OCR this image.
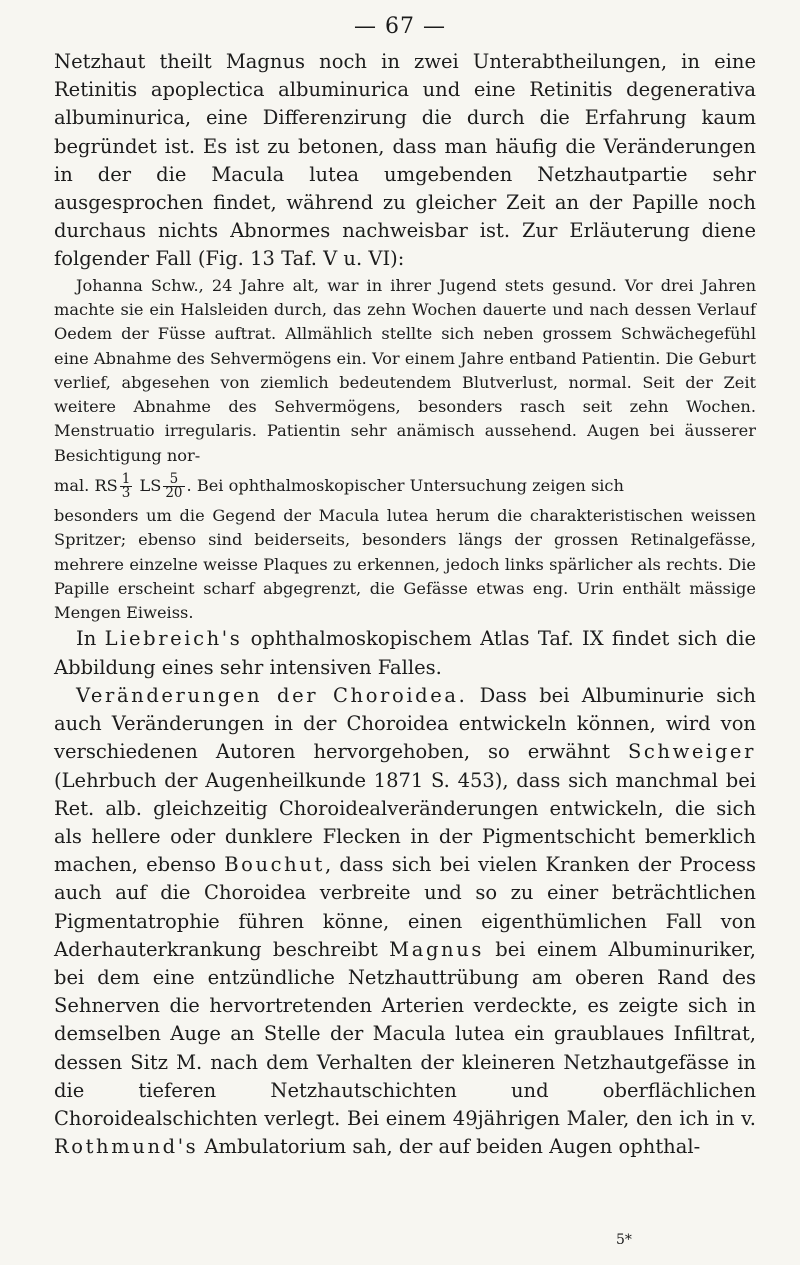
— 67 —

Netzhaut theilt Magnus noch in zwei Unterabtheilungen, in eine Retinitis apoplectica albuminurica und eine Retinitis degenerativa albuminurica, eine Differenzirung die durch die Erfahrung kaum begründet ist. Es ist zu betonen, dass man häufig die Veränderungen in der die Macula lutea umgebenden Netzhautpartie sehr ausgesprochen findet, während zu gleicher Zeit an der Papille noch durchaus nichts Abnormes nachweisbar ist. Zur Erläuterung diene folgender Fall (Fig. 13 Taf. V u. VI):

Johanna Schw., 24 Jahre alt, war in ihrer Jugend stets gesund. Vor drei Jahren machte sie ein Halsleiden durch, das zehn Wochen dauerte und nach dessen Verlauf Oedem der Füsse auftrat. Allmählich stellte sich neben grossem Schwächegefühl eine Abnahme des Sehvermögens ein. Vor einem Jahre entband Patientin. Die Geburt verlief, abgesehen von ziemlich bedeutendem Blutverlust, normal. Seit der Zeit weitere Abnahme des Sehvermögens, besonders rasch seit zehn Wochen. Menstruatio irregularis. Patientin sehr anämisch aussehend. Augen bei äusserer Besichtigung nor-

mal. RS $\frac{1}{3}$ LS $\frac{5}{20}$ . Bei ophthalmoskopischer Untersuchung zeigen sich

besonders um die Gegend der Macula lutea herum die charakteristischen weissen Spritzer; ebenso sind beiderseits, besonders längs der grossen Retinalgefässe, mehrere einzelne weisse Plaques zu erkennen, jedoch links spärlicher als rechts. Die Papille erscheint scharf abgegrenzt, die Gefässe etwas eng. Urin enthält mässige Mengen Eiweiss.

In Liebreich's ophthalmoskopischem Atlas Taf. IX findet sich die Abbildung eines sehr intensiven Falles.

Veränderungen der Choroidea. Dass bei Albuminurie sich auch Veränderungen in der Choroidea entwickeln können, wird von verschiedenen Autoren hervorgehoben, so erwähnt Schweiger (Lehrbuch der Augenheilkunde 1871 S. 453), dass sich manchmal bei Ret. alb. gleichzeitig Choroidealveränderungen entwickeln, die sich als hellere oder dunklere Flecken in der Pigmentschicht bemerklich machen, ebenso Bouchut, dass sich bei vielen Kranken der Process auch auf die Choroidea verbreite und so zu einer beträchtlichen Pigmentatrophie führen könne, einen eigenthümlichen Fall von Aderhauterkrankung beschreibt Magnus bei einem Albuminuriker, bei dem eine entzündliche Netzhauttrübung am oberen Rand des Sehnerven die hervortretenden Arterien verdeckte, es zeigte sich in demselben Auge an Stelle der Macula lutea ein graublaues Infiltrat, dessen Sitz M. nach dem Verhalten der kleineren Netzhautgefässe in die tieferen Netzhautschichten und oberflächlichen Choroidealschichten verlegt. Bei einem 49jährigen Maler, den ich in v. Rothmund's Ambulatorium sah, der auf beiden Augen ophthal-

5*
